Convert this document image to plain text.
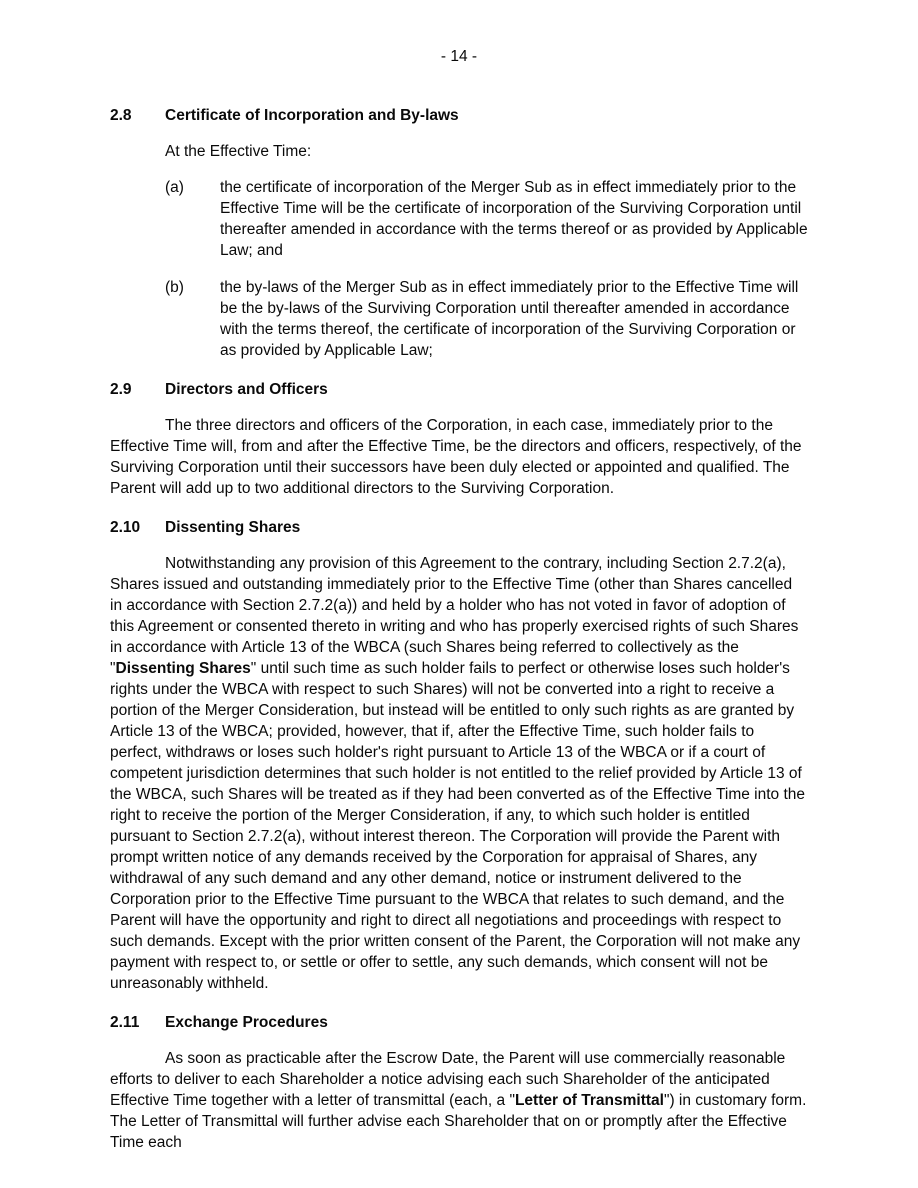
- 14 -
2.8 Certificate of Incorporation and By-laws

At the Effective Time:

(a)	the certificate of incorporation of the Merger Sub as in effect immediately prior to the Effective Time will be the certificate of incorporation of the Surviving Corporation until thereafter amended in accordance with the terms thereof or as provided by Applicable Law; and
(b)	the by-laws of the Merger Sub as in effect immediately prior to the Effective Time will be the by-laws of the Surviving Corporation until thereafter amended in accordance with the terms thereof, the certificate of incorporation of the Surviving Corporation or as provided by Applicable Law;
2.9 Directors and Officers

The three directors and officers of the Corporation, in each case, immediately prior to the Effective Time will, from and after the Effective Time, be the directors and officers, respectively, of the Surviving Corporation until their successors have been duly elected or appointed and qualified. The Parent will add up to two additional directors to the Surviving Corporation.

2.10 Dissenting Shares

Notwithstanding any provision of this Agreement to the contrary, including Section 2.7.2(a), Shares issued and outstanding immediately prior to the Effective Time (other than Shares cancelled in accordance with Section 2.7.2(a)) and held by a holder who has not voted in favor of adoption of this Agreement or consented thereto in writing and who has properly exercised rights of such Shares in accordance with Article 13 of the WBCA (such Shares being referred to collectively as the "Dissenting Shares" until such time as such holder fails to perfect or otherwise loses such holder's rights under the WBCA with respect to such Shares) will not be converted into a right to receive a portion of the Merger Consideration, but instead will be entitled to only such rights as are granted by Article 13 of the WBCA; provided, however, that if, after the Effective Time, such holder fails to perfect, withdraws or loses such holder's right pursuant to Article 13 of the WBCA or if a court of competent jurisdiction determines that such holder is not entitled to the relief provided by Article 13 of the WBCA, such Shares will be treated as if they had been converted as of the Effective Time into the right to receive the portion of the Merger Consideration, if any, to which such holder is entitled pursuant to Section 2.7.2(a), without interest thereon. The Corporation will provide the Parent with prompt written notice of any demands received by the Corporation for appraisal of Shares, any withdrawal of any such demand and any other demand, notice or instrument delivered to the Corporation prior to the Effective Time pursuant to the WBCA that relates to such demand, and the Parent will have the opportunity and right to direct all negotiations and proceedings with respect to such demands. Except with the prior written consent of the Parent, the Corporation will not make any payment with respect to, or settle or offer to settle, any such demands, which consent will not be unreasonably withheld.

2.11 Exchange Procedures

As soon as practicable after the Escrow Date, the Parent will use commercially reasonable efforts to deliver to each Shareholder a notice advising each such Shareholder of the anticipated Effective Time together with a letter of transmittal (each, a "Letter of Transmittal") in customary form. The Letter of Transmittal will further advise each Shareholder that on or promptly after the Effective Time each
